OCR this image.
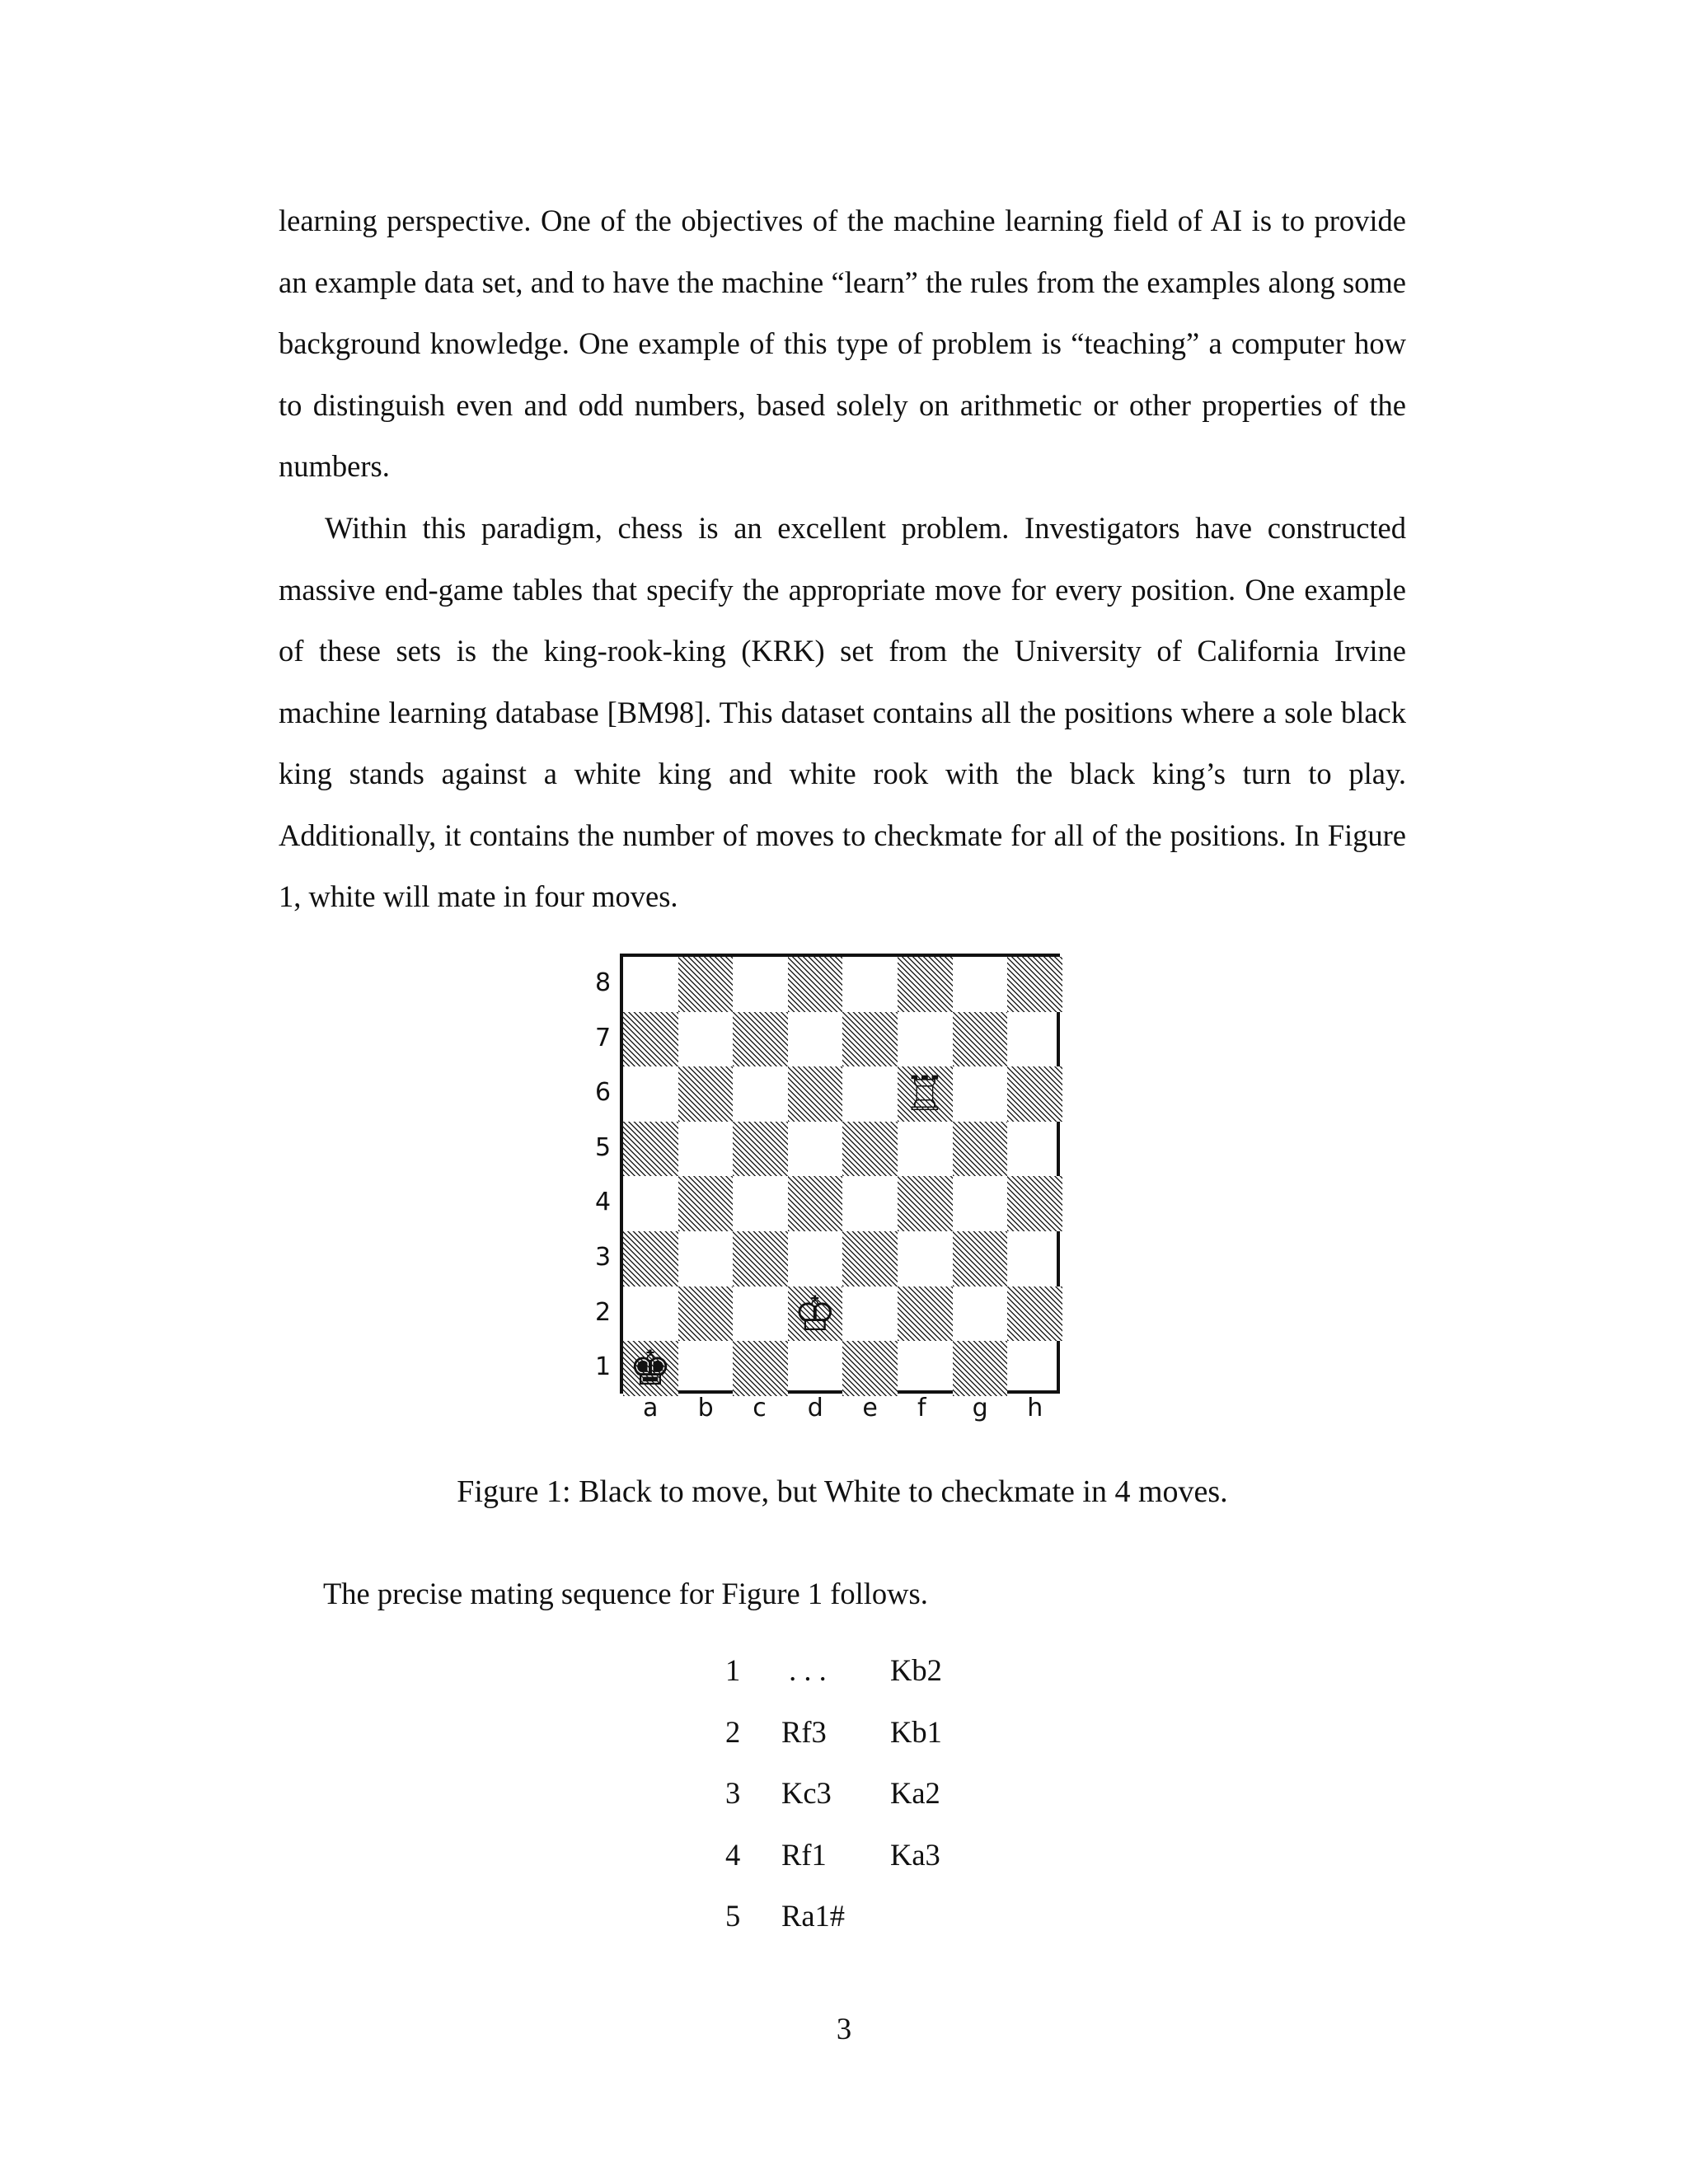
learning perspective. One of the objectives of the machine learning field of AI is to provide an example data set, and to have the machine “learn” the rules from the examples along some background knowledge. One example of this type of problem is “teaching” a computer how to distinguish even and odd numbers, based solely on arithmetic or other properties of the numbers.

Within this paradigm, chess is an excellent problem. Investigators have constructed massive end-game tables that specify the appropriate move for every position. One example of these sets is the king-rook-king (KRK) set from the University of California Irvine machine learning database [BM98]. This dataset contains all the positions where a sole black king stands against a white king and white rook with the black king’s turn to play. Additionally, it contains the number of moves to checkmate for all of the positions. In Figure 1, white will mate in four moves.

♖
♔
♚
8
7
6
5
4
3
2
1
a b c d e f g h
Figure 1: Black to move, but White to checkmate in 4 moves.
The precise mating sequence for Figure 1 follows.
1 . . . Kb2
2 Rf3 Kb1
3 Kc3 Ka2
4 Rf1 Ka3
5 Ra1#
3
